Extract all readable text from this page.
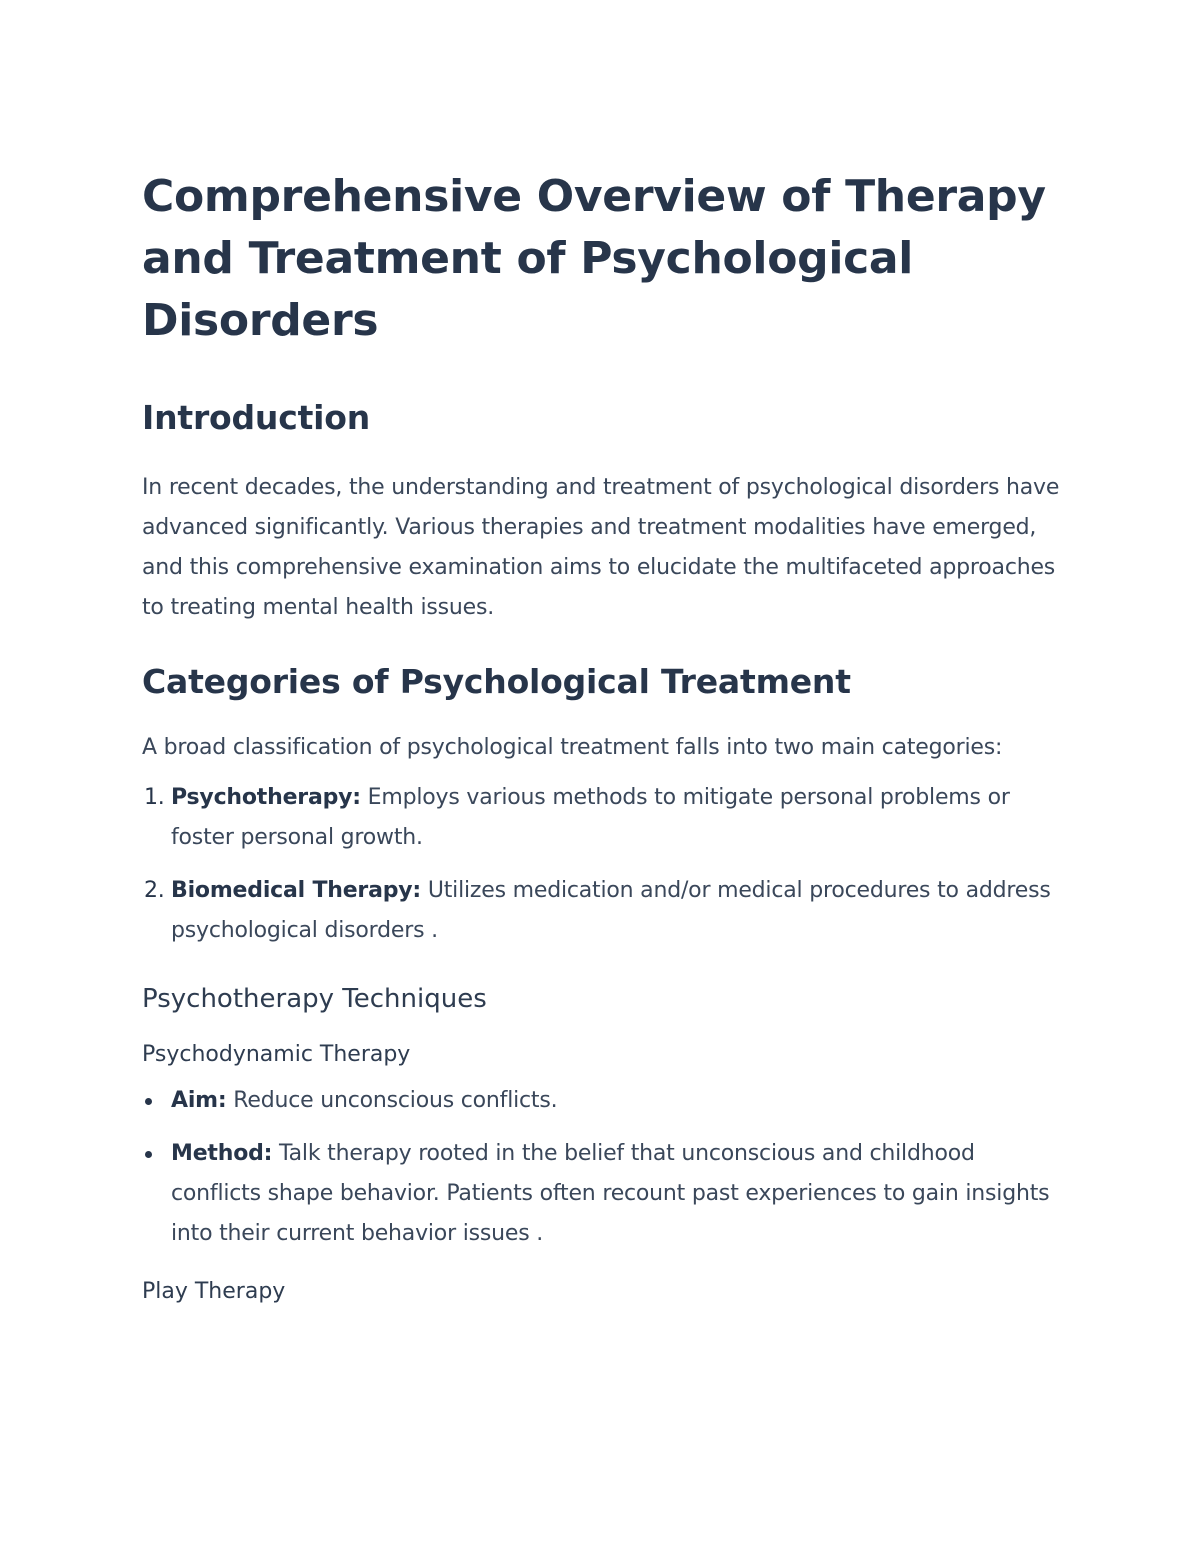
Comprehensive Overview of Therapy and Treatment of Psychological Disorders
Introduction

In recent decades, the understanding and treatment of psychological disorders have advanced significantly. Various therapies and treatment modalities have emerged, and this comprehensive examination aims to elucidate the multifaceted approaches to treating mental health issues.

Categories of Psychological Treatment

A broad classification of psychological treatment falls into two main categories:

1. Psychotherapy: Employs various methods to mitigate personal problems or foster personal growth.
2. Biomedical Therapy: Utilizes medication and/or medical procedures to address psychological disorders .
Psychotherapy Techniques
Psychodynamic Therapy
Aim: Reduce unconscious conflicts.
Method: Talk therapy rooted in the belief that unconscious and childhood conflicts shape behavior. Patients often recount past experiences to gain insights into their current behavior issues .
Play Therapy
